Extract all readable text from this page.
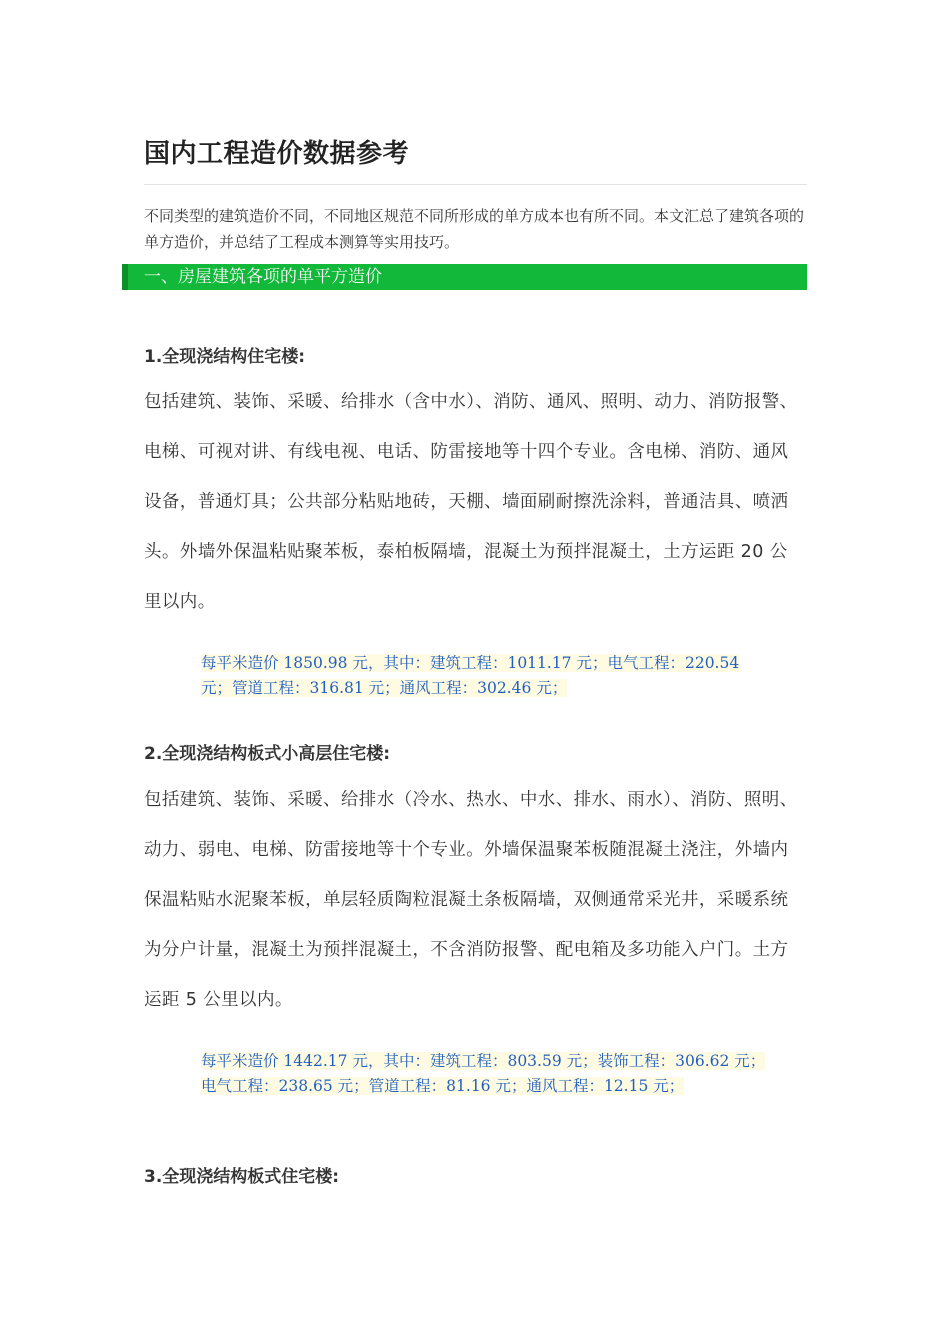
国内工程造价数据参考

不同类型的建筑造价不同，不同地区规范不同所形成的单方成本也有所不同。本文汇总了建筑各项的单方造价，并总结了工程成本测算等实用技巧。

一、房屋建筑各项的单平方造价
1.全现浇结构住宅楼:

包括建筑、装饰、采暖、给排水（含中水）、消防、通风、照明、动力、消防报警、电梯、可视对讲、有线电视、电话、防雷接地等十四个专业。含电梯、消防、通风设备，普通灯具；公共部分粘贴地砖，天棚、墙面刷耐擦洗涂料，普通洁具、喷洒头。外墙外保温粘贴聚苯板，泰柏板隔墙，混凝土为预拌混凝土，土方运距 20 公里以内。

每平米造价 1850.98 元，其中：建筑工程：1011.17 元；电气工程：220.54 元；管道工程：316.81 元；通风工程：302.46 元；

2.全现浇结构板式小高层住宅楼:

包括建筑、装饰、采暖、给排水（冷水、热水、中水、排水、雨水）、消防、照明、动力、弱电、电梯、防雷接地等十个专业。外墙保温聚苯板随混凝土浇注，外墙内保温粘贴水泥聚苯板，单层轻质陶粒混凝土条板隔墙，双侧通常采光井，采暖系统为分户计量，混凝土为预拌混凝土，不含消防报警、配电箱及多功能入户门。土方运距 5 公里以内。

每平米造价 1442.17 元，其中：建筑工程：803.59 元；装饰工程：306.62 元；电气工程：238.65 元；管道工程：81.16 元；通风工程：12.15 元；

3.全现浇结构板式住宅楼:
